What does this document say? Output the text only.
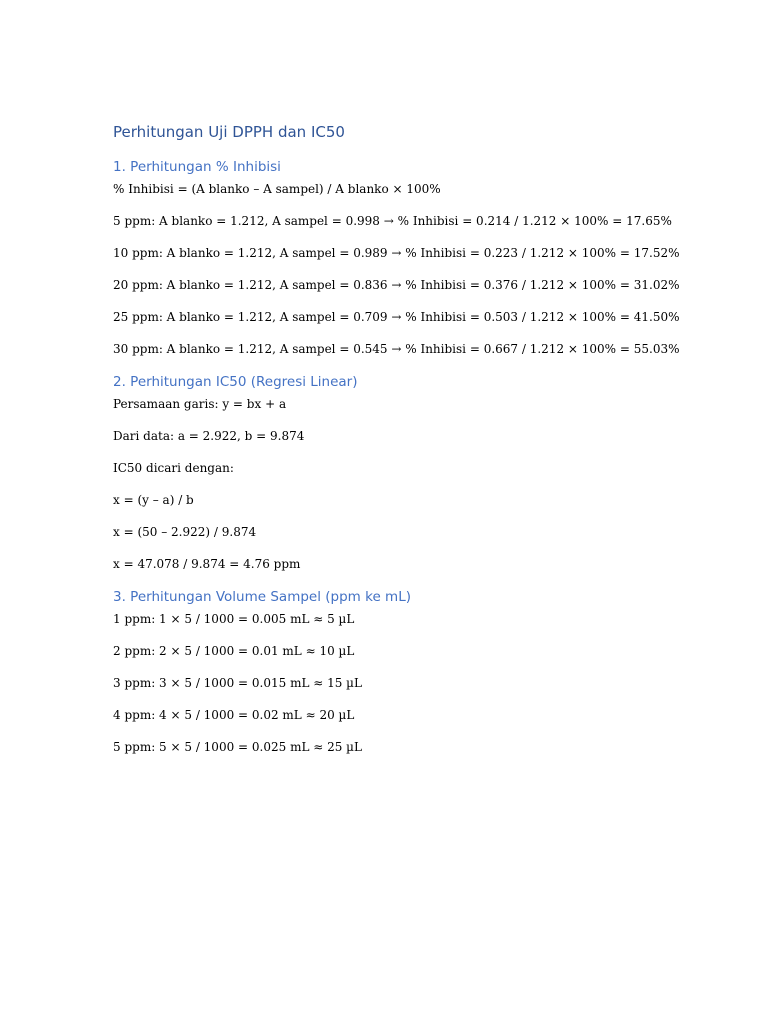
Perhitungan Uji DPPH dan IC50
1. Perhitungan % Inhibisi

% Inhibisi = (A blanko – A sampel) / A blanko × 100%

5 ppm: A blanko = 1.212, A sampel = 0.998 → % Inhibisi = 0.214 / 1.212 × 100% = 17.65%

10 ppm: A blanko = 1.212, A sampel = 0.989 → % Inhibisi = 0.223 / 1.212 × 100% = 17.52%

20 ppm: A blanko = 1.212, A sampel = 0.836 → % Inhibisi = 0.376 / 1.212 × 100% = 31.02%

25 ppm: A blanko = 1.212, A sampel = 0.709 → % Inhibisi = 0.503 / 1.212 × 100% = 41.50%

30 ppm: A blanko = 1.212, A sampel = 0.545 → % Inhibisi = 0.667 / 1.212 × 100% = 55.03%

2. Perhitungan IC50 (Regresi Linear)

Persamaan garis: y = bx + a

Dari data: a = 2.922, b = 9.874

IC50 dicari dengan:

x = (y – a) / b

x = (50 – 2.922) / 9.874

x = 47.078 / 9.874 = 4.76 ppm

3. Perhitungan Volume Sampel (ppm ke mL)

1 ppm: 1 × 5 / 1000 = 0.005 mL ≈ 5 µL

2 ppm: 2 × 5 / 1000 = 0.01 mL ≈ 10 µL

3 ppm: 3 × 5 / 1000 = 0.015 mL ≈ 15 µL

4 ppm: 4 × 5 / 1000 = 0.02 mL ≈ 20 µL

5 ppm: 5 × 5 / 1000 = 0.025 mL ≈ 25 µL
